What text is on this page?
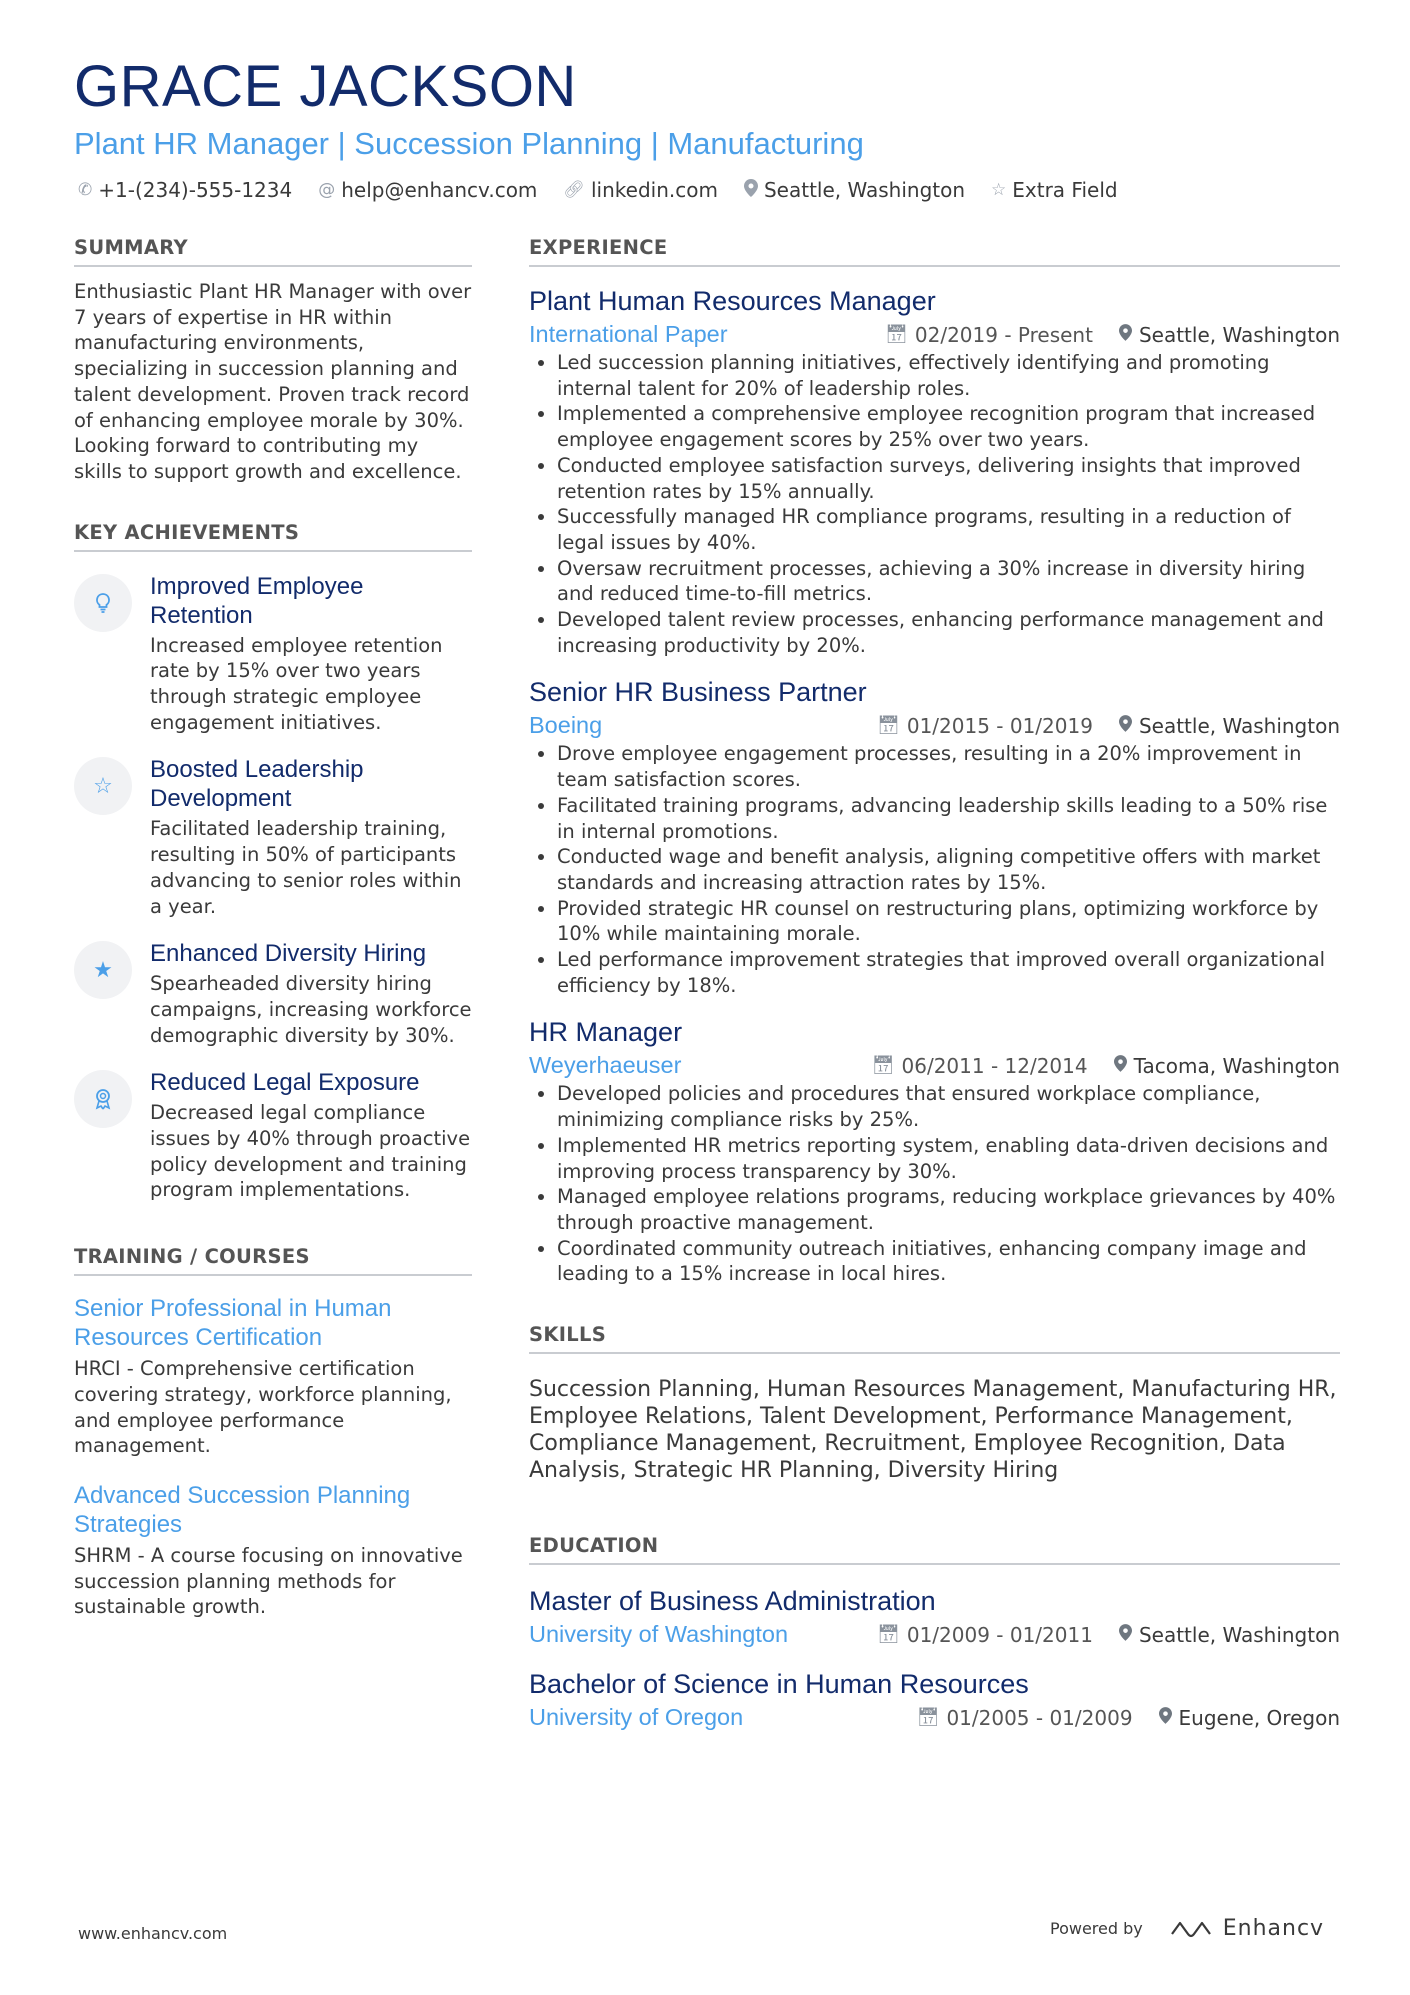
GRACE JACKSON
Plant HR Manager | Succession Planning | Manufacturing
✆ +1-(234)-555-1234 @ help@enhancv.com 🔗︎ linkedin.com Seattle, Washington ☆ Extra Field
SUMMARY

Enthusiastic Plant HR Manager with over 7 years of expertise in HR within manufacturing environments, specializing in succession planning and talent development. Proven track record of enhancing employee morale by 30%. Looking forward to contributing my skills to support growth and excellence.

KEY ACHIEVEMENTS
Improved Employee Retention
Increased employee retention rate by 15% over two years through strategic employee engagement initiatives.
☆
Boosted Leadership Development
Facilitated leadership training, resulting in 50% of participants advancing to senior roles within a year.
★
Enhanced Diversity Hiring
Spearheaded diversity hiring campaigns, increasing workforce demographic diversity by 30%.
Reduced Legal Exposure
Decreased legal compliance issues by 40% through proactive policy development and training program implementations.
TRAINING / COURSES
Senior Professional in Human Resources Certification
HRCI - Comprehensive certification covering strategy, workforce planning, and employee performance management.
Advanced Succession Planning Strategies
SHRM - A course focusing on innovative succession planning methods for sustainable growth.
EXPERIENCE
Plant Human Resources Manager
International Paper	📅︎ 02/2019 - Present Seattle, Washington
• Led succession planning initiatives, effectively identifying and promoting internal talent for 20% of leadership roles.
• Implemented a comprehensive employee recognition program that increased employee engagement scores by 25% over two years.
• Conducted employee satisfaction surveys, delivering insights that improved retention rates by 15% annually.
• Successfully managed HR compliance programs, resulting in a reduction of legal issues by 40%.
• Oversaw recruitment processes, achieving a 30% increase in diversity hiring and reduced time-to-fill metrics.
• Developed talent review processes, enhancing performance management and increasing productivity by 20%.
Senior HR Business Partner
Boeing	📅︎ 01/2015 - 01/2019 Seattle, Washington
• Drove employee engagement processes, resulting in a 20% improvement in team satisfaction scores.
• Facilitated training programs, advancing leadership skills leading to a 50% rise in internal promotions.
• Conducted wage and benefit analysis, aligning competitive offers with market standards and increasing attraction rates by 15%.
• Provided strategic HR counsel on restructuring plans, optimizing workforce by 10% while maintaining morale.
• Led performance improvement strategies that improved overall organizational efficiency by 18%.
HR Manager
Weyerhaeuser	📅︎ 06/2011 - 12/2014 Tacoma, Washington
• Developed policies and procedures that ensured workplace compliance, minimizing compliance risks by 25%.
• Implemented HR metrics reporting system, enabling data-driven decisions and improving process transparency by 30%.
• Managed employee relations programs, reducing workplace grievances by 40% through proactive management.
• Coordinated community outreach initiatives, enhancing company image and leading to a 15% increase in local hires.
SKILLS
Succession Planning, Human Resources Management, Manufacturing HR, Employee Relations, Talent Development, Performance Management, Compliance Management, Recruitment, Employee Recognition, Data Analysis, Strategic HR Planning, Diversity Hiring
EDUCATION
Master of Business Administration
University of Washington	📅︎ 01/2009 - 01/2011 Seattle, Washington
Bachelor of Science in Human Resources
University of Oregon	📅︎ 01/2005 - 01/2009 Eugene, Oregon
www.enhancv.com	Powered by	Enhancv
